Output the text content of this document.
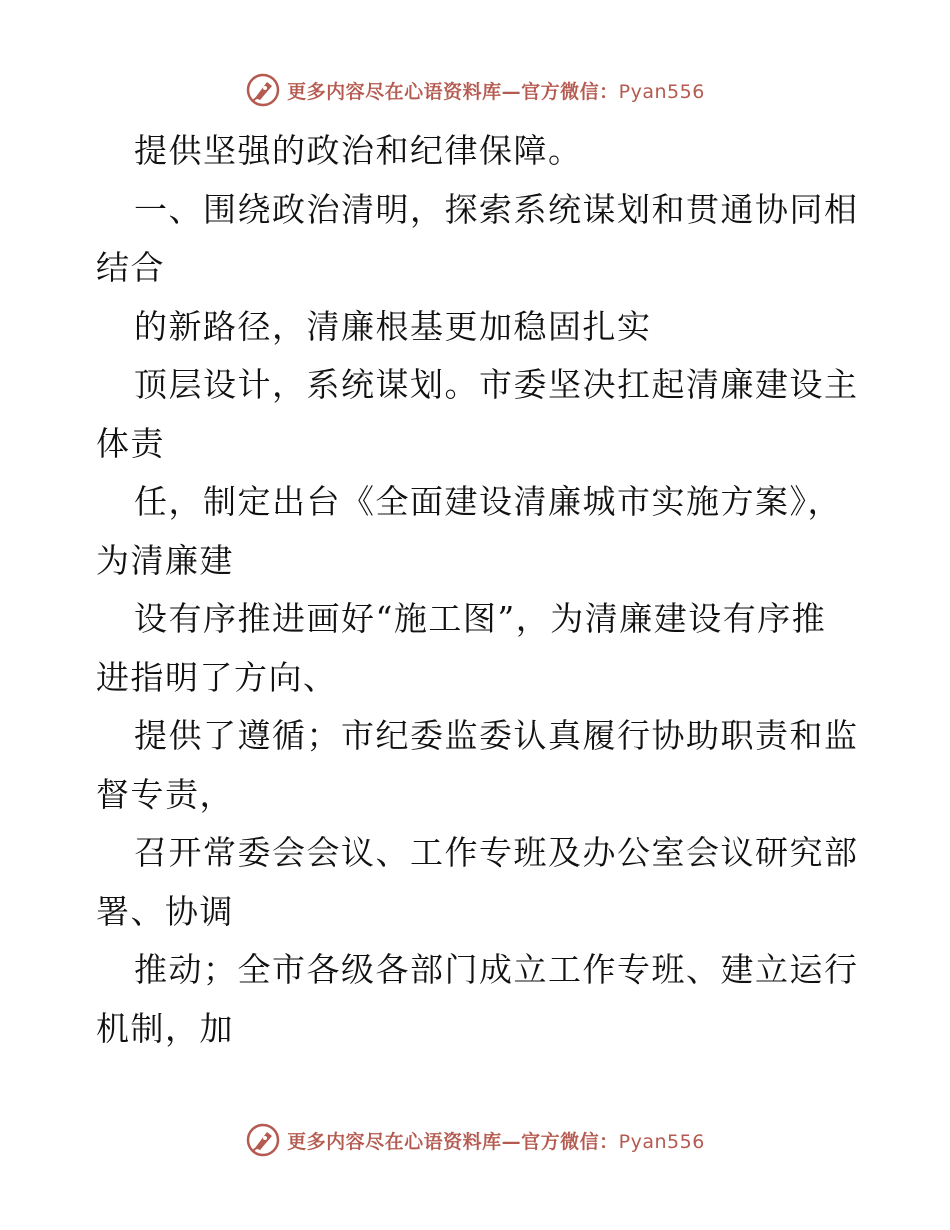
更多内容尽在心语资料库—官方微信：Pyan556
提供坚强的政治和纪律保障。
一、围绕政治清明，探索系统谋划和贯通协同相
结合
的新路径，清廉根基更加稳固扎实
顶层设计，系统谋划。市委坚决扛起清廉建设主
体责
任，制定出台《全面建设清廉城市实施方案》，
为清廉建
设有序推进画好“施工图”，为清廉建设有序推
进指明了方向、
提供了遵循；市纪委监委认真履行协助职责和监
督专责，
召开常委会会议、工作专班及办公室会议研究部
署、协调
推动；全市各级各部门成立工作专班、建立运行
机制，加
更多内容尽在心语资料库—官方微信：Pyan556
